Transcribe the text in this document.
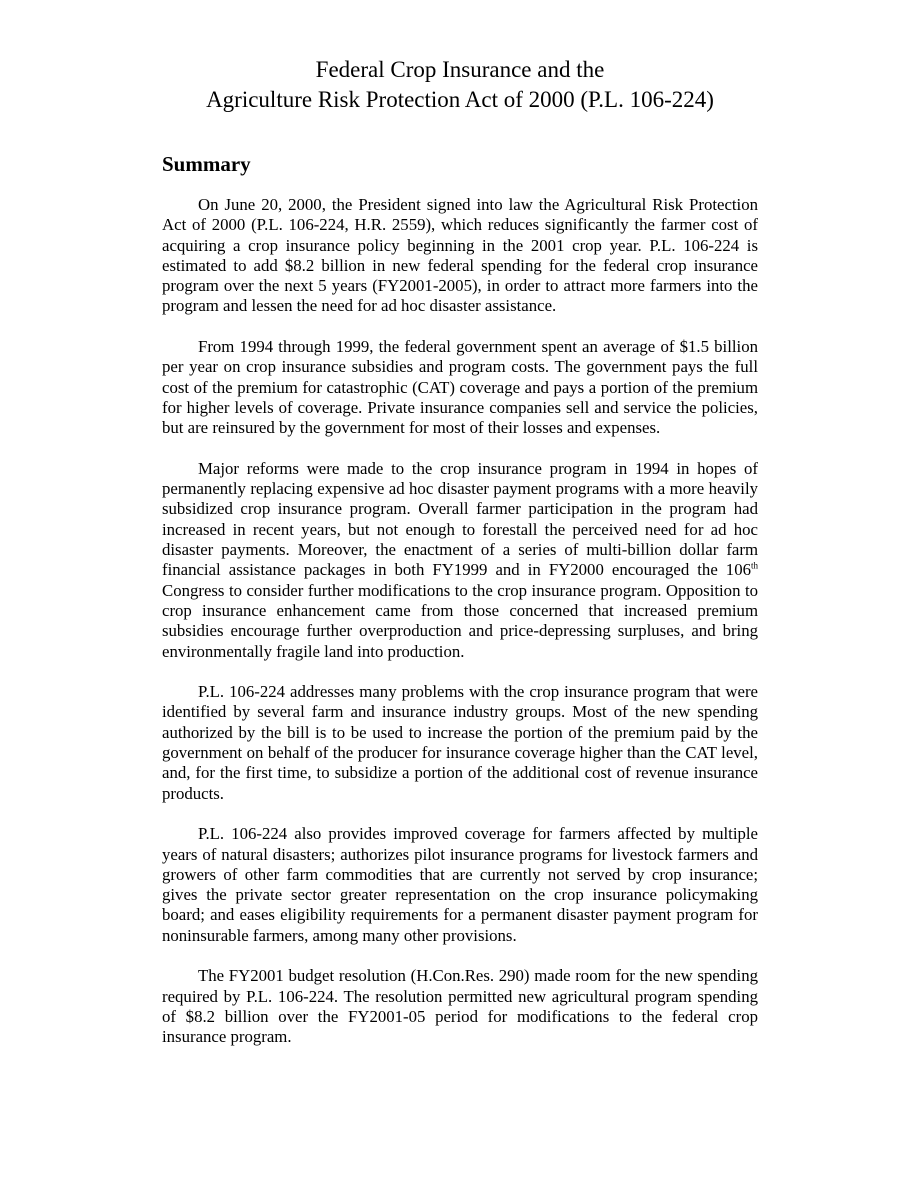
Federal Crop Insurance and the
Agriculture Risk Protection Act of 2000 (P.L. 106-224)
Summary

On June 20, 2000, the President signed into law the Agricultural Risk Protection Act of 2000 (P.L. 106-224, H.R. 2559), which reduces significantly the farmer cost of acquiring a crop insurance policy beginning in the 2001 crop year. P.L. 106-224 is estimated to add $8.2 billion in new federal spending for the federal crop insurance program over the next 5 years (FY2001-2005), in order to attract more farmers into the program and lessen the need for ad hoc disaster assistance.

From 1994 through 1999, the federal government spent an average of $1.5 billion per year on crop insurance subsidies and program costs. The government pays the full cost of the premium for catastrophic (CAT) coverage and pays a portion of the premium for higher levels of coverage. Private insurance companies sell and service the policies, but are reinsured by the government for most of their losses and expenses.

Major reforms were made to the crop insurance program in 1994 in hopes of permanently replacing expensive ad hoc disaster payment programs with a more heavily subsidized crop insurance program. Overall farmer participation in the program had increased in recent years, but not enough to forestall the perceived need for ad hoc disaster payments. Moreover, the enactment of a series of multi-billion dollar farm financial assistance packages in both FY1999 and in FY2000 encouraged the 106th Congress to consider further modifications to the crop insurance program. Opposition to crop insurance enhancement came from those concerned that increased premium subsidies encourage further overproduction and price-depressing surpluses, and bring environmentally fragile land into production.

P.L. 106-224 addresses many problems with the crop insurance program that were identified by several farm and insurance industry groups. Most of the new spending authorized by the bill is to be used to increase the portion of the premium paid by the government on behalf of the producer for insurance coverage higher than the CAT level, and, for the first time, to subsidize a portion of the additional cost of revenue insurance products.

P.L. 106-224 also provides improved coverage for farmers affected by multiple years of natural disasters; authorizes pilot insurance programs for livestock farmers and growers of other farm commodities that are currently not served by crop insurance; gives the private sector greater representation on the crop insurance policymaking board; and eases eligibility requirements for a permanent disaster payment program for noninsurable farmers, among many other provisions.

The FY2001 budget resolution (H.Con.Res. 290) made room for the new spending required by P.L. 106-224. The resolution permitted new agricultural program spending of $8.2 billion over the FY2001-05 period for modifications to the federal crop insurance program.
